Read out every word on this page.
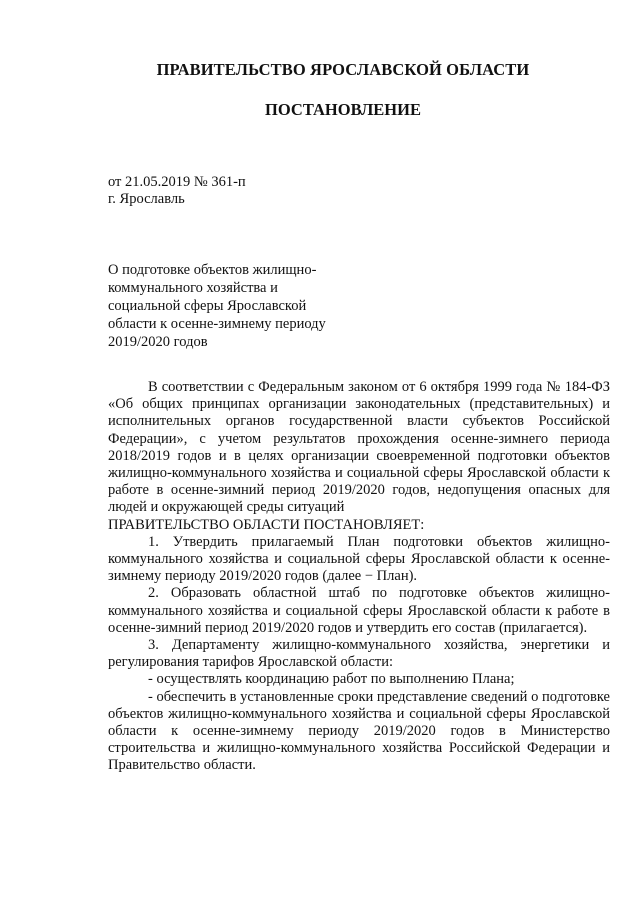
ПРАВИТЕЛЬСТВО ЯРОСЛАВСКОЙ ОБЛАСТИ
ПОСТАНОВЛЕНИЕ
от 21.05.2019 № 361-п
г. Ярославль
О подготовке объектов жилищно-
коммунального хозяйства и
социальной сферы Ярославской
области к осенне-зимнему периоду
2019/2020 годов

В соответствии с Федеральным законом от 6 октября 1999 года № 184-ФЗ «Об общих принципах организации законодательных (представительных) и исполнительных органов государственной власти субъектов Российской Федерации», с учетом результатов прохождения осенне-зимнего периода 2018/2019 годов и в целях организации своевременной подготовки объектов жилищно-коммунального хозяйства и социальной сферы Ярославской области к работе в осенне-зимний период 2019/2020 годов, недопущения опасных для людей и окружающей среды ситуаций

ПРАВИТЕЛЬСТВО ОБЛАСТИ ПОСТАНОВЛЯЕТ:

1. Утвердить прилагаемый План подготовки объектов жилищно-коммунального хозяйства и социальной сферы Ярославской области к осенне-зимнему периоду 2019/2020 годов (далее − План).

2. Образовать областной штаб по подготовке объектов жилищно-коммунального хозяйства и социальной сферы Ярославской области к работе в осенне-зимний период 2019/2020 годов и утвердить его состав (прилагается).

3. Департаменту жилищно-коммунального хозяйства, энергетики и регулирования тарифов Ярославской области:

- осуществлять координацию работ по выполнению Плана;

- обеспечить в установленные сроки представление сведений о подготовке объектов жилищно-коммунального хозяйства и социальной сферы Ярославской области к осенне-зимнему периоду 2019/2020 годов в Министерство строительства и жилищно-коммунального хозяйства Российской Федерации и Правительство области.
